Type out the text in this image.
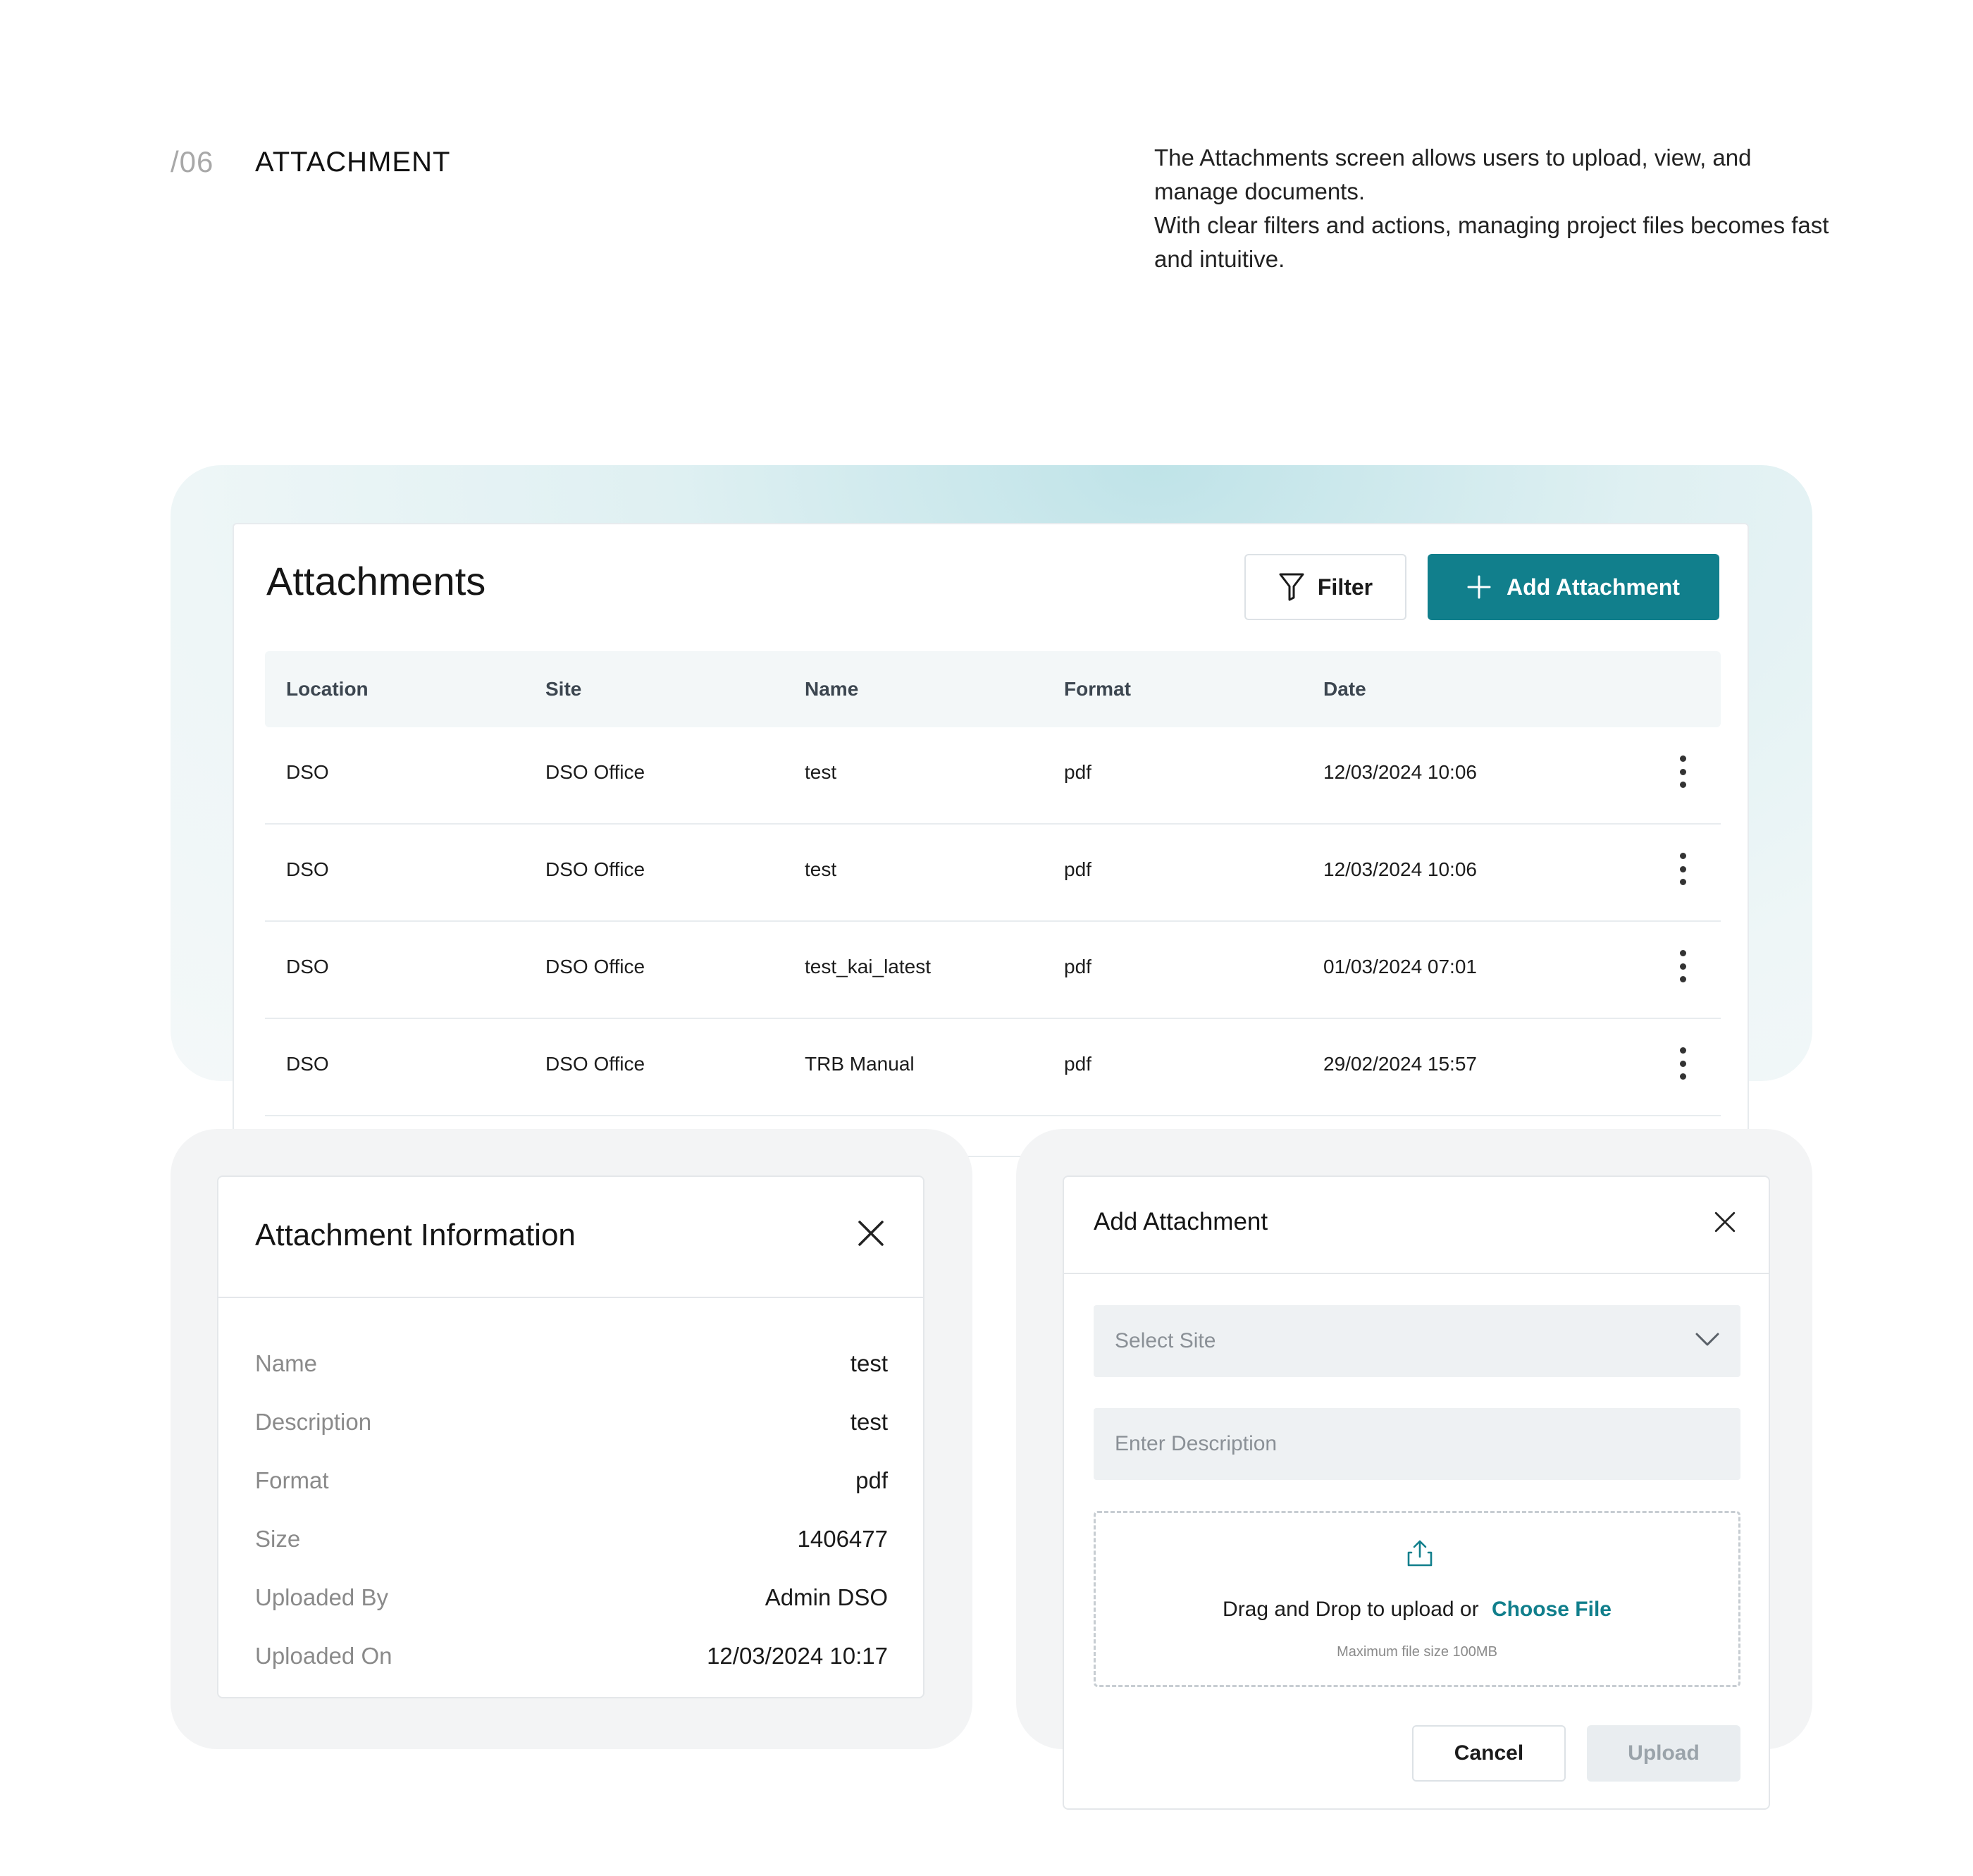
/06 ATTACHMENT	The Attachments screen allows users to upload, view, and manage documents.
With clear filters and actions, managing project files becomes fast and intuitive.
Attachments	Filter	Add Attachment
Location	Site	Name	Format	Date
DSO	DSO Office	test	pdf	12/03/2024 10:06
DSO	DSO Office	test	pdf	12/03/2024 10:06
DSO	DSO Office	test_kai_latest	pdf	01/03/2024 07:01
DSO	DSO Office	TRB Manual	pdf	29/02/2024 15:57
Attachment Information
Name	test
Description	test
Format	pdf
Size	1406477
Uploaded By	Admin DSO
Uploaded On	12/03/2024 10:17
Add Attachment
Select Site
Enter Description
Drag and Drop to upload or Choose File
Maximum file size 100MB
Cancel	Upload
